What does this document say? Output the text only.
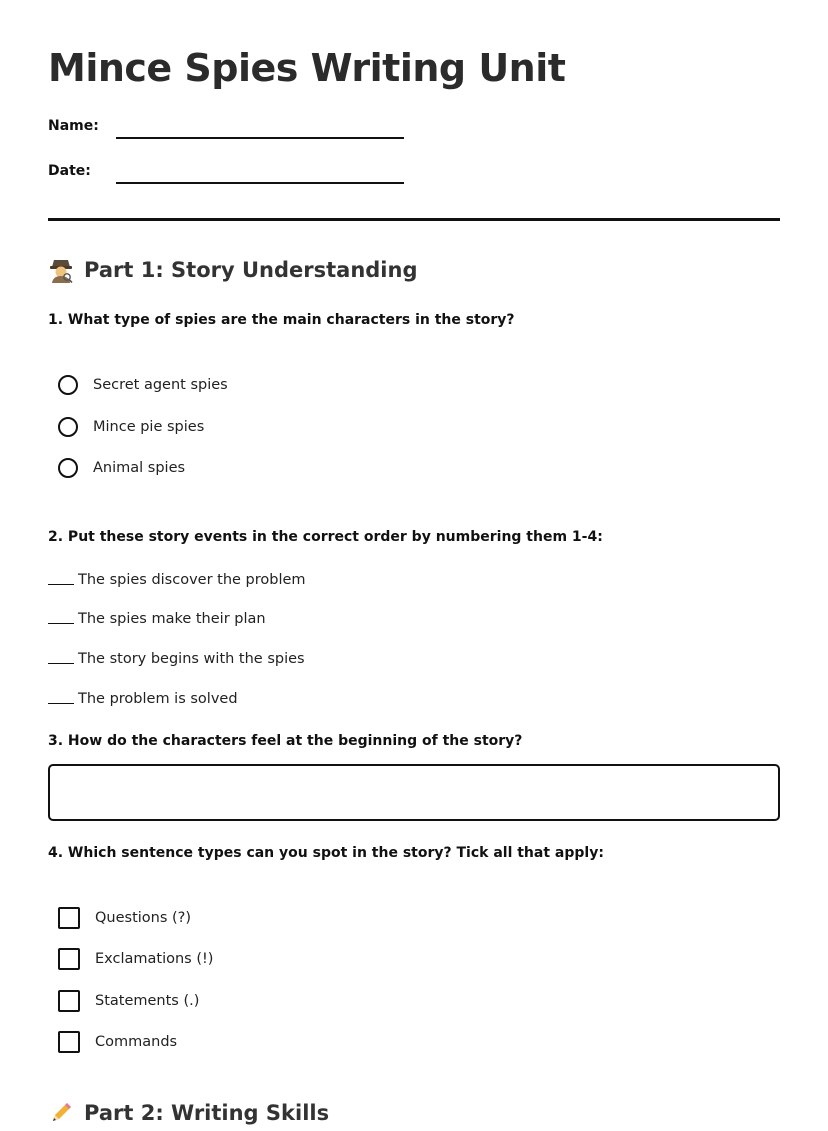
Mince Spies Writing Unit
Name:
Date:
Part 1: Story Understanding
1. What type of spies are the main characters in the story?
Secret agent spies
Mince pie spies
Animal spies
2. Put these story events in the correct order by numbering them 1-4:
The spies discover the problem
The spies make their plan
The story begins with the spies
The problem is solved
3. How do the characters feel at the beginning of the story?
4. Which sentence types can you spot in the story? Tick all that apply:
Questions (?)
Exclamations (!)
Statements (.)
Commands
Part 2: Writing Skills
